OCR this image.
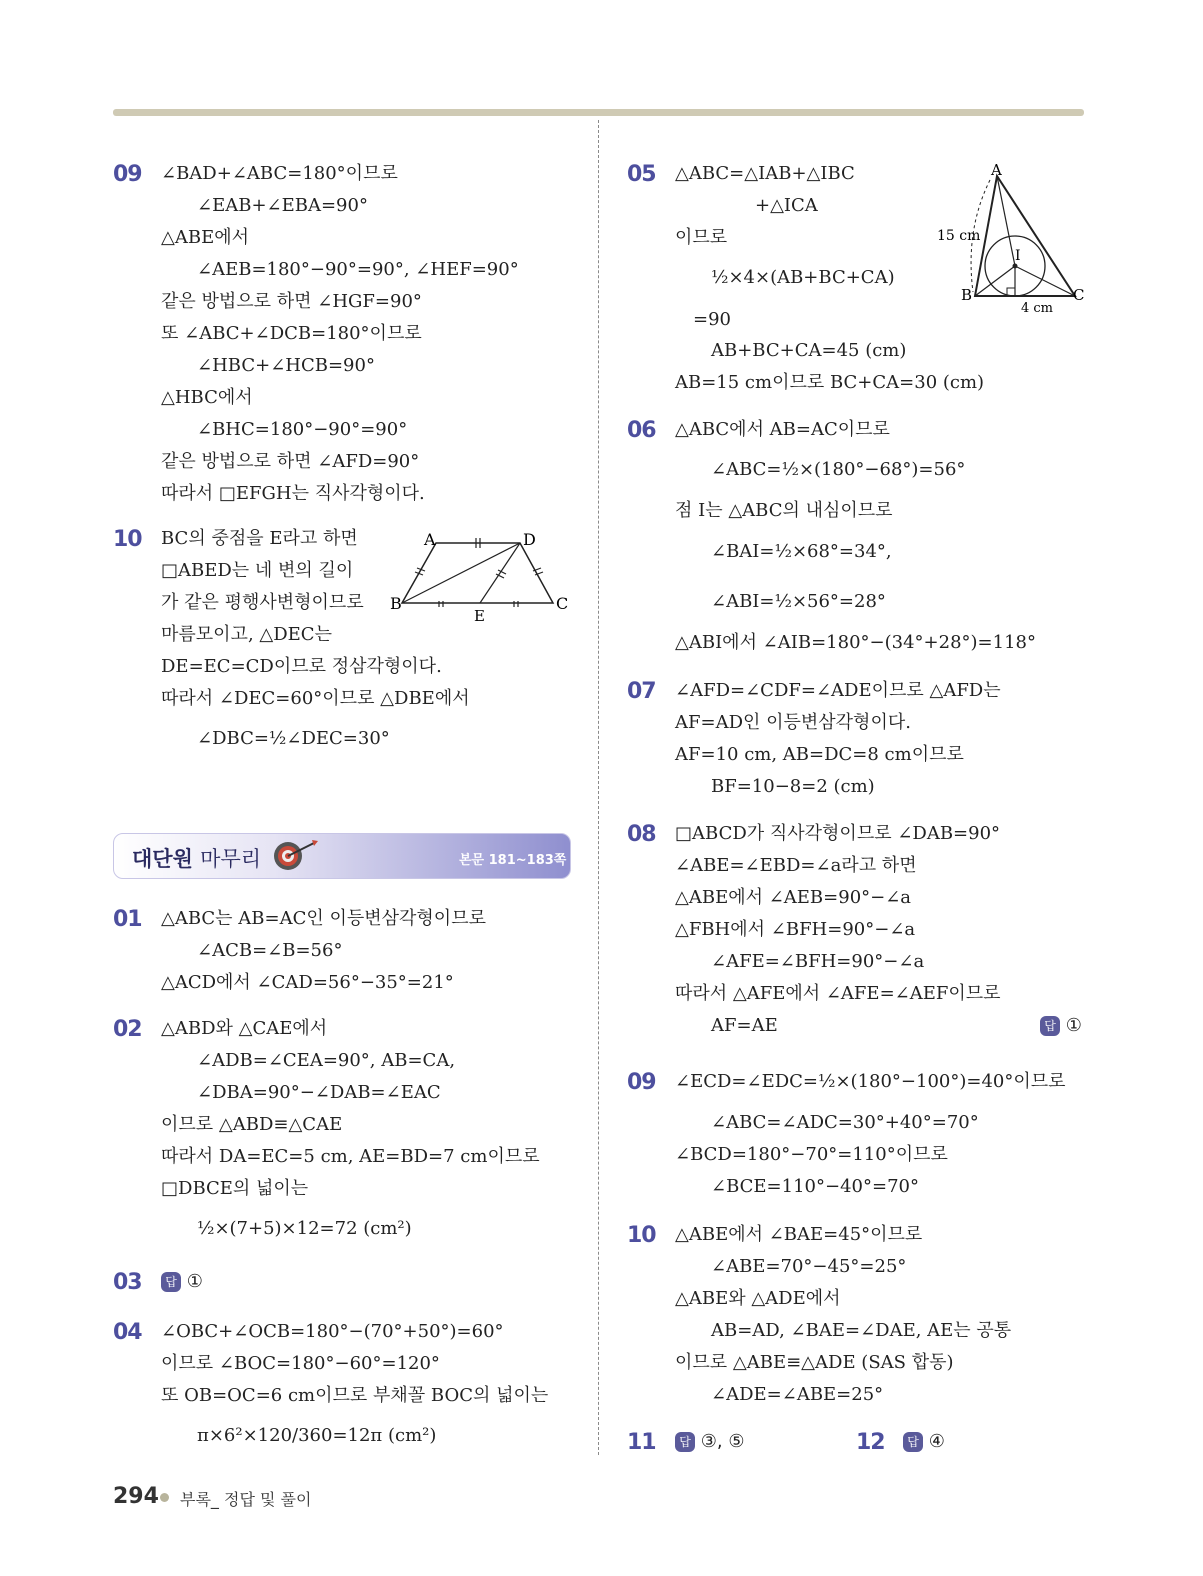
09 ∠BAD+∠ABC=180°이므로
∠EAB+∠EBA=90°
△ABE에서
∠AEB=180°−90°=90°, ∠HEF=90°
같은 방법으로 하면 ∠HGF=90°
또 ∠ABC+∠DCB=180°이므로
∠HBC+∠HCB=90°
△HBC에서
∠BHC=180°−90°=90°
같은 방법으로 하면 ∠AFD=90°
따라서 □EFGH는 직사각형이다.
10 BC의 중점을 E라고 하면
□ABED는 네 변의 길이
가 같은 평행사변형이므로
마름모이고, △DEC는
DE=EC=CD이므로 정삼각형이다.
따라서 ∠DEC=60°이므로 △DBE에서
∠DBC=½∠DEC=30°
A	D
B	C
E
대단원 마무리	본문 181~183쪽
01 △ABC는 AB=AC인 이등변삼각형이므로
∠ACB=∠B=56°
△ACD에서 ∠CAD=56°−35°=21°
02 △ABD와 △CAE에서
∠ADB=∠CEA=90°, AB=CA,
∠DBA=90°−∠DAB=∠EAC
이므로 △ABD≡△CAE
따라서 DA=EC=5 cm, AE=BD=7 cm이므로
□DBCE의 넓이는
½×(7+5)×12=72 (cm²)
03	답 ①
04 ∠OBC+∠OCB=180°−(70°+50°)=60°
이므로 ∠BOC=180°−60°=120°
또 OB=OC=6 cm이므로 부채꼴 BOC의 넓이는
π×6²×120/360=12π (cm²)
05 △ABC=△IAB+△IBC
+△ICA
이므로
½×4×(AB+BC+CA)
=90
AB+BC+CA=45 (cm)
AB=15 cm이므로 BC+CA=30 (cm)
A
B	C
I
15 cm
4 cm
06 △ABC에서 AB=AC이므로
∠ABC=½×(180°−68°)=56°
점 I는 △ABC의 내심이므로
∠BAI=½×68°=34°,
∠ABI=½×56°=28°
△ABI에서 ∠AIB=180°−(34°+28°)=118°
07 ∠AFD=∠CDF=∠ADE이므로 △AFD는
AF=AD인 이등변삼각형이다.
AF=10 cm, AB=DC=8 cm이므로
BF=10−8=2 (cm)
08 □ABCD가 직사각형이므로 ∠DAB=90°
∠ABE=∠EBD=∠a라고 하면
△ABE에서 ∠AEB=90°−∠a
△FBH에서 ∠BFH=90°−∠a
∠AFE=∠BFH=90°−∠a
따라서 △AFE에서 ∠AFE=∠AEF이므로
AF=AE	답 ①
09 ∠ECD=∠EDC=½×(180°−100°)=40°이므로
∠ABC=∠ADC=30°+40°=70°
∠BCD=180°−70°=110°이므로
∠BCE=110°−40°=70°
10 △ABE에서 ∠BAE=45°이므로
∠ABE=70°−45°=25°
△ABE와 △ADE에서
AB=AD, ∠BAE=∠DAE, AE는 공통
이므로 △ABE≡△ADE (SAS 합동)
∠ADE=∠ABE=25°
11	답 ③, ⑤	12	답 ④
294 부록_ 정답 및 풀이
